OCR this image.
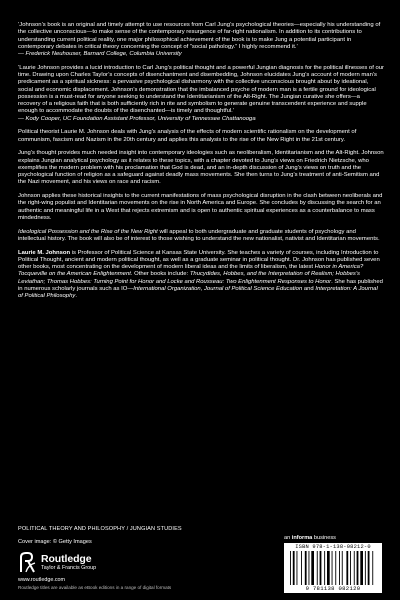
‘Johnson’s book is an original and timely attempt to use resources from Carl Jung’s psychological theories—especially his understanding of the collective unconscious—to make sense of the contemporary resurgence of far-right nationalism. In addition to its contributions to understanding current political reality, one major philosophical achievement of the book is to make Jung a potential participant in contemporary debates in critical theory concerning the concept of “social pathology.” I highly recommend it.’
— Frederick Neuhouser, Barnard College, Columbia University

‘Laurie Johnson provides a lucid introduction to Carl Jung’s political thought and a powerful Jungian diagnosis for the political illnesses of our time. Drawing upon Charles Taylor’s concepts of disenchantment and disembedding, Johnson elucidates Jung’s account of modern man’s predicament as a spiritual sickness: a pervasive psychological disharmony with the collective unconscious brought about by ideational, social and economic displacement. Johnson’s demonstration that the imbalanced psyche of modern man is a fertile ground for ideological possession is a must-read for anyone seeking to understand the Identitarianism of the Alt-Right. The Jungian curative she offers—a recovery of a religious faith that is both sufficiently rich in rite and symbolism to generate genuine transcendent experience and supple enough to accommodate the doubts of the disenchanted—is timely and thoughtful.’
— Kody Cooper, UC Foundation Assistant Professor, University of Tennessee Chattanooga

Political theorist Laurie M. Johnson deals with Jung’s analysis of the effects of modern scientific rationalism on the development of communism, fascism and Nazism in the 20th century and applies this analysis to the rise of the New Right in the 21st century.

Jung’s thought provides much needed insight into contemporary ideologies such as neoliberalism, Identitarianism and the Alt-Right. Johnson explains Jungian analytical psychology as it relates to these topics, with a chapter devoted to Jung’s views on Friedrich Nietzsche, who exemplifies the modern problem with his proclamation that God is dead, and an in-depth discussion of Jung’s views on truth and the psychological function of religion as a safeguard against deadly mass movements. She then turns to Jung’s treatment of anti-Semitism and the Nazi movement, and his views on race and racism.

Johnson applies these historical insights to the current manifestations of mass psychological disruption in the clash between neoliberals and the right-wing populist and Identitarian movements on the rise in North America and Europe. She concludes by discussing the search for an authentic and meaningful life in a West that rejects extremism and is open to authentic spiritual experiences as a counterbalance to mass mindedness.

Ideological Possession and the Rise of the New Right will appeal to both undergraduate and graduate students of psychology and intellectual history. The book will also be of interest to those wishing to understand the new nationalist, nativist and Identitarian movements.

Laurie M. Johnson is Professor of Political Science at Kansas State University. She teaches a variety of courses, including Introduction to Political Thought, ancient and modern political thought, as well as a graduate seminar in political thought. Dr. Johnson has published seven other books, most concentrating on the development of modern liberal ideas and the limits of liberalism, the latest Honor in America? Tocqueville on the American Enlightenment. Other books include: Thucydides, Hobbes, and the Interpretation of Realism; Hobbes’s Leviathan; Thomas Hobbes: Turning Point for Honor and Locke and Rousseau: Two Enlightenment Responses to Honor. She has published in numerous scholarly journals such as IO—International Organization, Journal of Political Science Education and Interpretation: A Journal of Political Philosophy.

POLITICAL THEORY AND PHILOSOPHY / JUNGIAN STUDIES
Cover image: © Getty Images
Routledge
Taylor & Francis Group
www.routledge.com
Routledge titles are available as eBook editions in a range of digital formats
an informa business
ISBN 978-1-138-08212-0
9 781138 082120
